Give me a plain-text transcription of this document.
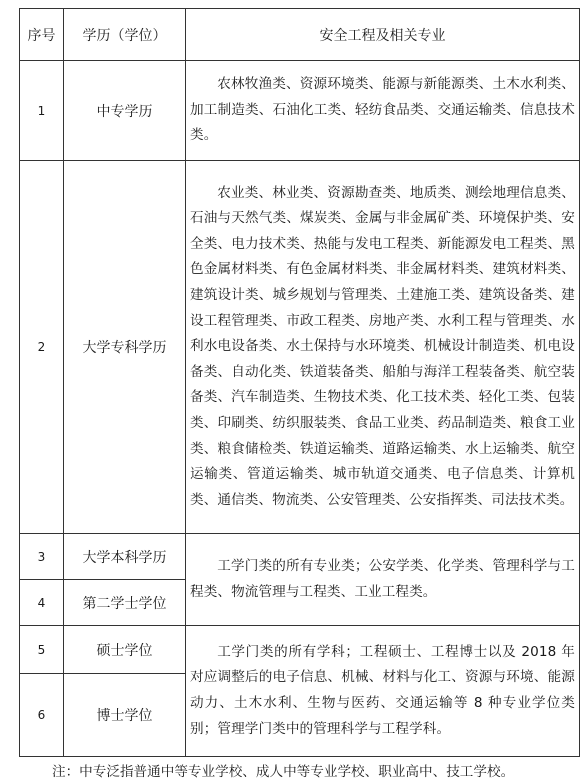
序号	学历（学位）	安全工程及相关专业
1	中专学历	农林牧渔类、资源环境类、能源与新能源类、土木水利类、加工制造类、石油化工类、轻纺食品类、交通运输类、信息技术类。

2	大学专科学历	农业类、林业类、资源勘查类、地质类、测绘地理信息类、石油与天然气类、煤炭类、金属与非金属矿类、环境保护类、安全类、电力技术类、热能与发电工程类、新能源发电工程类、黑色金属材料类、有色金属材料类、非金属材料类、建筑材料类、建筑设计类、城乡规划与管理类、土建施工类、建筑设备类、建设工程管理类、市政工程类、房地产类、水利工程与管理类、水利水电设备类、水土保持与水环境类、机械设计制造类、机电设备类、自动化类、铁道装备类、船舶与海洋工程装备类、航空装备类、汽车制造类、生物技术类、化工技术类、轻化工类、包装类、印刷类、纺织服装类、食品工业类、药品制造类、粮食工业类、粮食储检类、铁道运输类、道路运输类、水上运输类、航空运输类、管道运输类、城市轨道交通类、电子信息类、计算机类、通信类、物流类、公安管理类、公安指挥类、司法技术类。

3	大学本科学历	工学门类的所有专业类；公安学类、化学类、管理科学与工程类、物流管理与工程类、工业工程类。

4	第二学士学位	
5	硕士学位	工学门类的所有学科；工程硕士、工程博士以及 2018 年对应调整后的电子信息、机械、材料与化工、资源与环境、能源动力、土木水利、生物与医药、交通运输等 8 种专业学位类别；管理学门类中的管理科学与工程学科。

6	博士学位	
注：中专泛指普通中等专业学校、成人中等专业学校、职业高中、技工学校。
